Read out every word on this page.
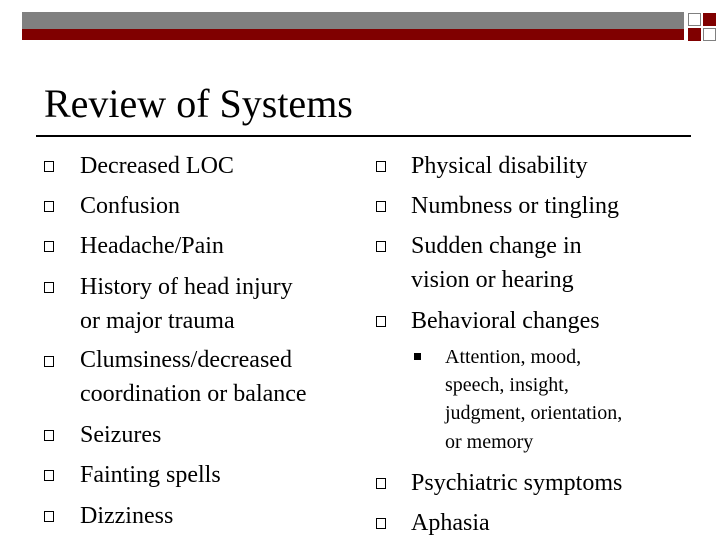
Review of Systems
Decreased LOC
Confusion
Headache/Pain
History of head injury
or major trauma
Clumsiness/decreased
coordination or balance
Seizures
Fainting spells
Dizziness
Physical disability
Numbness or tingling
Sudden change in
vision or hearing
Behavioral changes
Attention, mood,
speech, insight,
judgment, orientation,
or memory
Psychiatric symptoms
Aphasia
